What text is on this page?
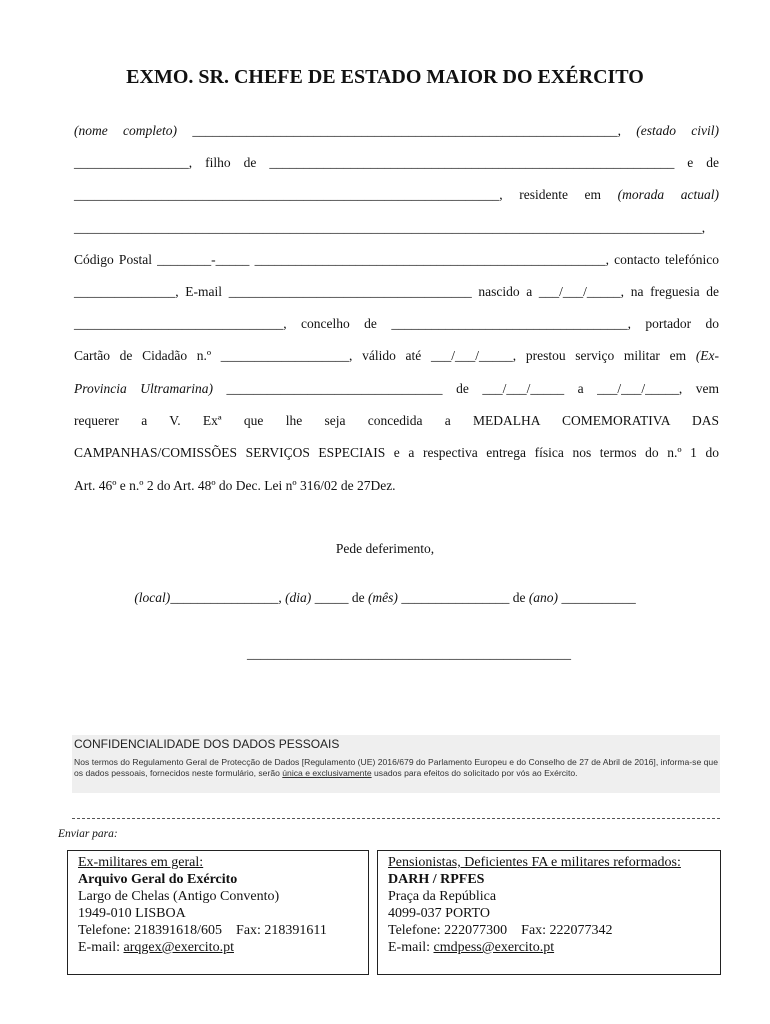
EXMO. SR. CHEFE DE ESTADO MAIOR DO EXÉRCITO
(nome completo) _______________________________________________________________, (estado civil)
_________________, filho de ____________________________________________________________ e de
_______________________________________________________________, residente em (morada actual)
_____________________________________________________________________________________________,
Código Postal ________-_____ ____________________________________________________, contacto telefónico
_______________, E-mail ____________________________________ nascido a ___/___/_____, na freguesia de
_______________________________, concelho de ___________________________________, portador do
Cartão de Cidadão n.º ___________________, válido até ___/___/_____, prestou serviço militar em (Ex-
Provincia Ultramarina) ________________________________ de ___/___/_____ a ___/___/_____, vem
requerer a V. Exª que lhe seja concedida a MEDALHA COMEMORATIVA DAS
CAMPANHAS/COMISSÕES SERVIÇOS ESPECIAIS e a respectiva entrega física nos termos do n.º 1 do
Art. 46º e n.º 2 do Art. 48º do Dec. Lei nº 316/02 de 27Dez.
Pede deferimento,
(local)________________, (dia) _____ de (mês) ________________ de (ano) ___________
________________________________________________
CONFIDENCIALIDADE DOS DADOS PESSOAIS
Nos termos do Regulamento Geral de Protecção de Dados [Regulamento (UE) 2016/679 do Parlamento Europeu e do Conselho de 27 de Abril de 2016], informa-se que os dados pessoais, fornecidos neste formulário, serão única e exclusivamente usados para efeitos do solicitado por vós ao Exército.
Enviar para:
Ex-militares em geral:
Arquivo Geral do Exército
Largo de Chelas (Antigo Convento)
1949-010 LISBOA
Telefone: 218391618/605 Fax: 218391611
E-mail: arqgex@exercito.pt
Pensionistas, Deficientes FA e militares reformados:
DARH / RPFES
Praça da República
4099-037 PORTO
Telefone: 222077300 Fax: 222077342
E-mail: cmdpess@exercito.pt
